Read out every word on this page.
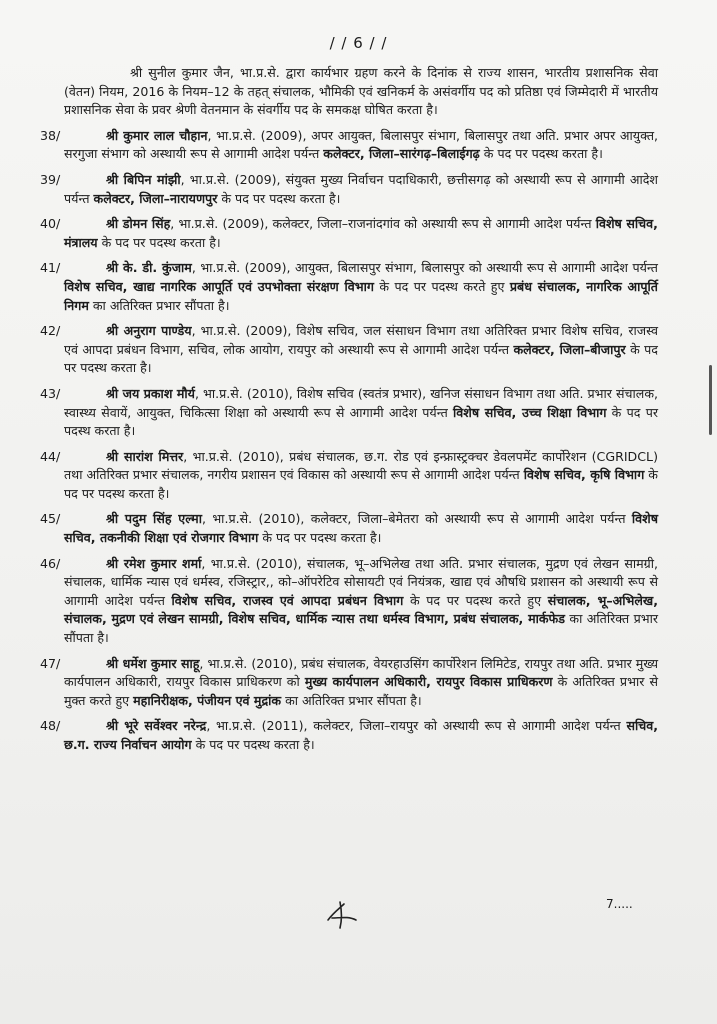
/ / 6 / /
श्री सुनील कुमार जैन, भा.प्र.से. द्वारा कार्यभार ग्रहण करने के दिनांक से राज्य शासन, भारतीय प्रशासनिक सेवा (वेतन) नियम, 2016 के नियम–12 के तहत् संचालक, भौमिकी एवं खनिकर्म के असंवर्गीय पद को प्रतिष्ठा एवं जिम्मेदारी में भारतीय प्रशासनिक सेवा के प्रवर श्रेणी वेतनमान के संवर्गीय पद के समकक्ष घोषित करता है।
38/	श्री कुमार लाल चौहान, भा.प्र.से. (2009), अपर आयुक्त, बिलासपुर संभाग, बिलासपुर तथा अति. प्रभार अपर आयुक्त, सरगुजा संभाग को अस्थायी रूप से आगामी आदेश पर्यन्त कलेक्टर, जिला–सारंगढ़–बिलाईगढ़ के पद पर पदस्थ करता है।
39/	श्री बिपिन मांझी, भा.प्र.से. (2009), संयुक्त मुख्य निर्वाचन पदाधिकारी, छत्तीसगढ़ को अस्थायी रूप से आगामी आदेश पर्यन्त कलेक्टर, जिला–नारायणपुर के पद पर पदस्थ करता है।
40/	श्री डोमन सिंह, भा.प्र.से. (2009), कलेक्टर, जिला–राजनांदगांव को अस्थायी रूप से आगामी आदेश पर्यन्त विशेष सचिव, मंत्रालय के पद पर पदस्थ करता है।
41/	श्री के. डी. कुंजाम, भा.प्र.से. (2009), आयुक्त, बिलासपुर संभाग, बिलासपुर को अस्थायी रूप से आगामी आदेश पर्यन्त विशेष सचिव, खाद्य नागरिक आपूर्ति एवं उपभोक्ता संरक्षण विभाग के पद पर पदस्थ करते हुए प्रबंध संचालक, नागरिक आपूर्ति निगम का अतिरिक्त प्रभार सौंपता है।
42/	श्री अनुराग पाण्डेय, भा.प्र.से. (2009), विशेष सचिव, जल संसाधन विभाग तथा अतिरिक्त प्रभार विशेष सचिव, राजस्व एवं आपदा प्रबंधन विभाग, सचिव, लोक आयोग, रायपुर को अस्थायी रूप से आगामी आदेश पर्यन्त कलेक्टर, जिला–बीजापुर के पद पर पदस्थ करता है।
43/	श्री जय प्रकाश मौर्य, भा.प्र.से. (2010), विशेष सचिव (स्वतंत्र प्रभार), खनिज संसाधन विभाग तथा अति. प्रभार संचालक, स्वास्थ्य सेवायें, आयुक्त, चिकित्सा शिक्षा को अस्थायी रूप से आगामी आदेश पर्यन्त विशेष सचिव, उच्च शिक्षा विभाग के पद पर पदस्थ करता है।
44/	श्री सारांश मित्तर, भा.प्र.से. (2010), प्रबंध संचालक, छ.ग. रोड एवं इन्फ्रास्ट्रक्चर डेवलपमेंट कार्पोरेशन (CGRIDCL) तथा अतिरिक्त प्रभार संचालक, नगरीय प्रशासन एवं विकास को अस्थायी रूप से आगामी आदेश पर्यन्त विशेष सचिव, कृषि विभाग के पद पर पदस्थ करता है।
45/	श्री पदुम सिंह एल्मा, भा.प्र.से. (2010), कलेक्टर, जिला–बेमेतरा को अस्थायी रूप से आगामी आदेश पर्यन्त विशेष सचिव, तकनीकी शिक्षा एवं रोजगार विभाग के पद पर पदस्थ करता है।
46/	श्री रमेश कुमार शर्मा, भा.प्र.से. (2010), संचालक, भू–अभिलेख तथा अति. प्रभार संचालक, मुद्रण एवं लेखन सामग्री, संचालक, धार्मिक न्यास एवं धर्मस्व, रजिस्ट्रार,, को–ऑपरेटिव सोसायटी एवं नियंत्रक, खाद्य एवं औषधि प्रशासन को अस्थायी रूप से आगामी आदेश पर्यन्त विशेष सचिव, राजस्व एवं आपदा प्रबंधन विभाग के पद पर पदस्थ करते हुए संचालक, भू–अभिलेख, संचालक, मुद्रण एवं लेखन सामग्री, विशेष सचिव, धार्मिक न्यास तथा धर्मस्व विभाग, प्रबंध संचालक, मार्कफेड का अतिरिक्त प्रभार सौंपता है।
47/	श्री धर्मेश कुमार साहू, भा.प्र.से. (2010), प्रबंध संचालक, वेयरहाउसिंग कार्पोरेशन लिमिटेड, रायपुर तथा अति. प्रभार मुख्य कार्यपालन अधिकारी, रायपुर विकास प्राधिकरण को मुख्य कार्यपालन अधिकारी, रायपुर विकास प्राधिकरण के अतिरिक्त प्रभार से मुक्त करते हुए महानिरीक्षक, पंजीयन एवं मुद्रांक का अतिरिक्त प्रभार सौंपता है।
48/	श्री भूरे सर्वेश्वर नरेन्द्र, भा.प्र.से. (2011), कलेक्टर, जिला–रायपुर को अस्थायी रूप से आगामी आदेश पर्यन्त सचिव, छ.ग. राज्य निर्वाचन आयोग के पद पर पदस्थ करता है।
7.....
